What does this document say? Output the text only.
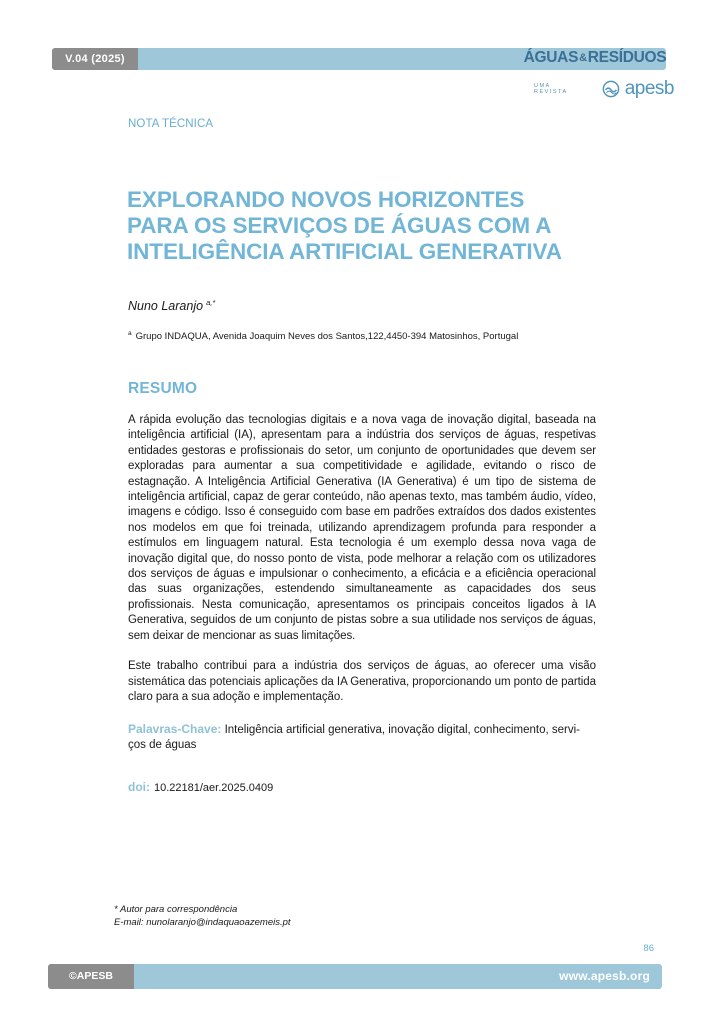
V.04 (2025)	ÁGUAS & RESÍDUOS
UMA REVISTA	apesb
NOTA TÉCNICA
EXPLORANDO NOVOS HORIZONTES
PARA OS SERVIÇOS DE ÁGUAS COM A
INTELIGÊNCIA ARTIFICIAL GENERATIVA
Nuno Laranjo $^{a,*}$
$^a$ Grupo INDAQUA, Avenida Joaquim Neves dos Santos,122,4450-394 Matosinhos, Portugal
RESUMO

A rápida evolução das tecnologias digitais e a nova vaga de inovação digital, baseada na inteligência artificial (IA), apresentam para a indústria dos serviços de águas, respetivas entidades gestoras e profissionais do setor, um conjunto de oportunidades que devem ser exploradas para aumentar a sua competitividade e agilidade, evitando o risco de estagnação. A Inteligência Artificial Generativa (IA Generativa) é um tipo de sistema de inteligência artificial, capaz de gerar conteúdo, não apenas texto, mas também áudio, vídeo, imagens e código. Isso é conseguido com base em padrões extraídos dos dados existentes nos modelos em que foi treinada, utilizando aprendizagem profunda para responder a estímulos em linguagem natural. Esta tecnologia é um exemplo dessa nova vaga de inovação digital que, do nosso ponto de vista, pode melhorar a relação com os utilizadores dos serviços de águas e impulsionar o conhecimento, a eficácia e a eficiência operacional das suas organizações, estendendo simultaneamente as capacidades dos seus profissionais. Nesta comunicação, apresentamos os principais conceitos ligados à IA Generativa, seguidos de um conjunto de pistas sobre a sua utilidade nos serviços de águas, sem deixar de mencionar as suas limitações.

Este trabalho contribui para a indústria dos serviços de águas, ao oferecer uma visão sistemática das potenciais aplicações da IA Generativa, proporcionando um ponto de partida claro para a sua adoção e implementação.

Palavras-Chave: Inteligência artificial generativa, inovação digital, conhecimento, servi-ços de águas
doi: 10.22181/aer.2025.0409
* Autor para correspondência
E-mail: nunolaranjo@indaquaoazemeis.pt
86
©APESB	www.apesb.org
